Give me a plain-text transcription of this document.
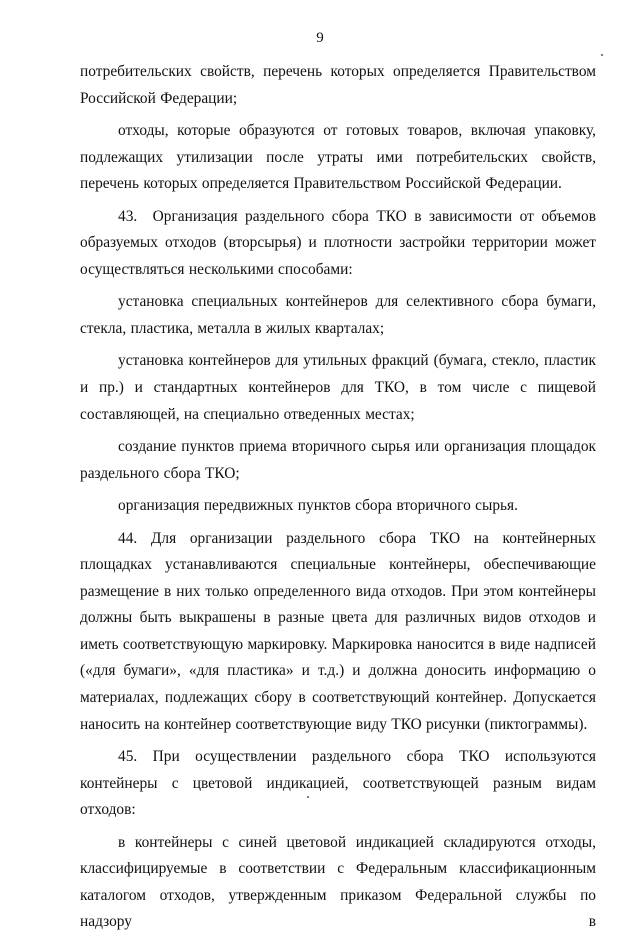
9

потребительских свойств, перечень которых определяется Правительством Российской Федерации;

отходы, которые образуются от готовых товаров, включая упаковку, подлежащих утилизации после утраты ими потребительских свойств, перечень которых определяется Правительством Российской Федерации.

43. Организация раздельного сбора ТКО в зависимости от объемов образуемых отходов (вторсырья) и плотности застройки территории может осуществляться несколькими способами:

установка специальных контейнеров для селективного сбора бумаги, стекла, пластика, металла в жилых кварталах;

установка контейнеров для утильных фракций (бумага, стекло, пластик и пр.) и стандартных контейнеров для ТКО, в том числе с пищевой составляющей, на специально отведенных местах;

создание пунктов приема вторичного сырья или организация площадок раздельного сбора ТКО;

организация передвижных пунктов сбора вторичного сырья.

44. Для организации раздельного сбора ТКО на контейнерных площадках устанавливаются специальные контейнеры, обеспечивающие размещение в них только определенного вида отходов. При этом контейнеры должны быть выкрашены в разные цвета для различных видов отходов и иметь соответствующую маркировку. Маркировка наносится в виде надписей («для бумаги», «для пластика» и т.д.) и должна доносить информацию о материалах, подлежащих сбору в соответствующий контейнер. Допускается наносить на контейнер соответствующие виду ТКО рисунки (пиктограммы).

45. При осуществлении раздельного сбора ТКО используются контейнеры с цветовой индикацией, соответствующей разным видам отходов:

в контейнеры с синей цветовой индикацией складируются отходы, классифицируемые в соответствии с Федеральным классификационным каталогом отходов, утвержденным приказом Федеральной службы по надзору в
